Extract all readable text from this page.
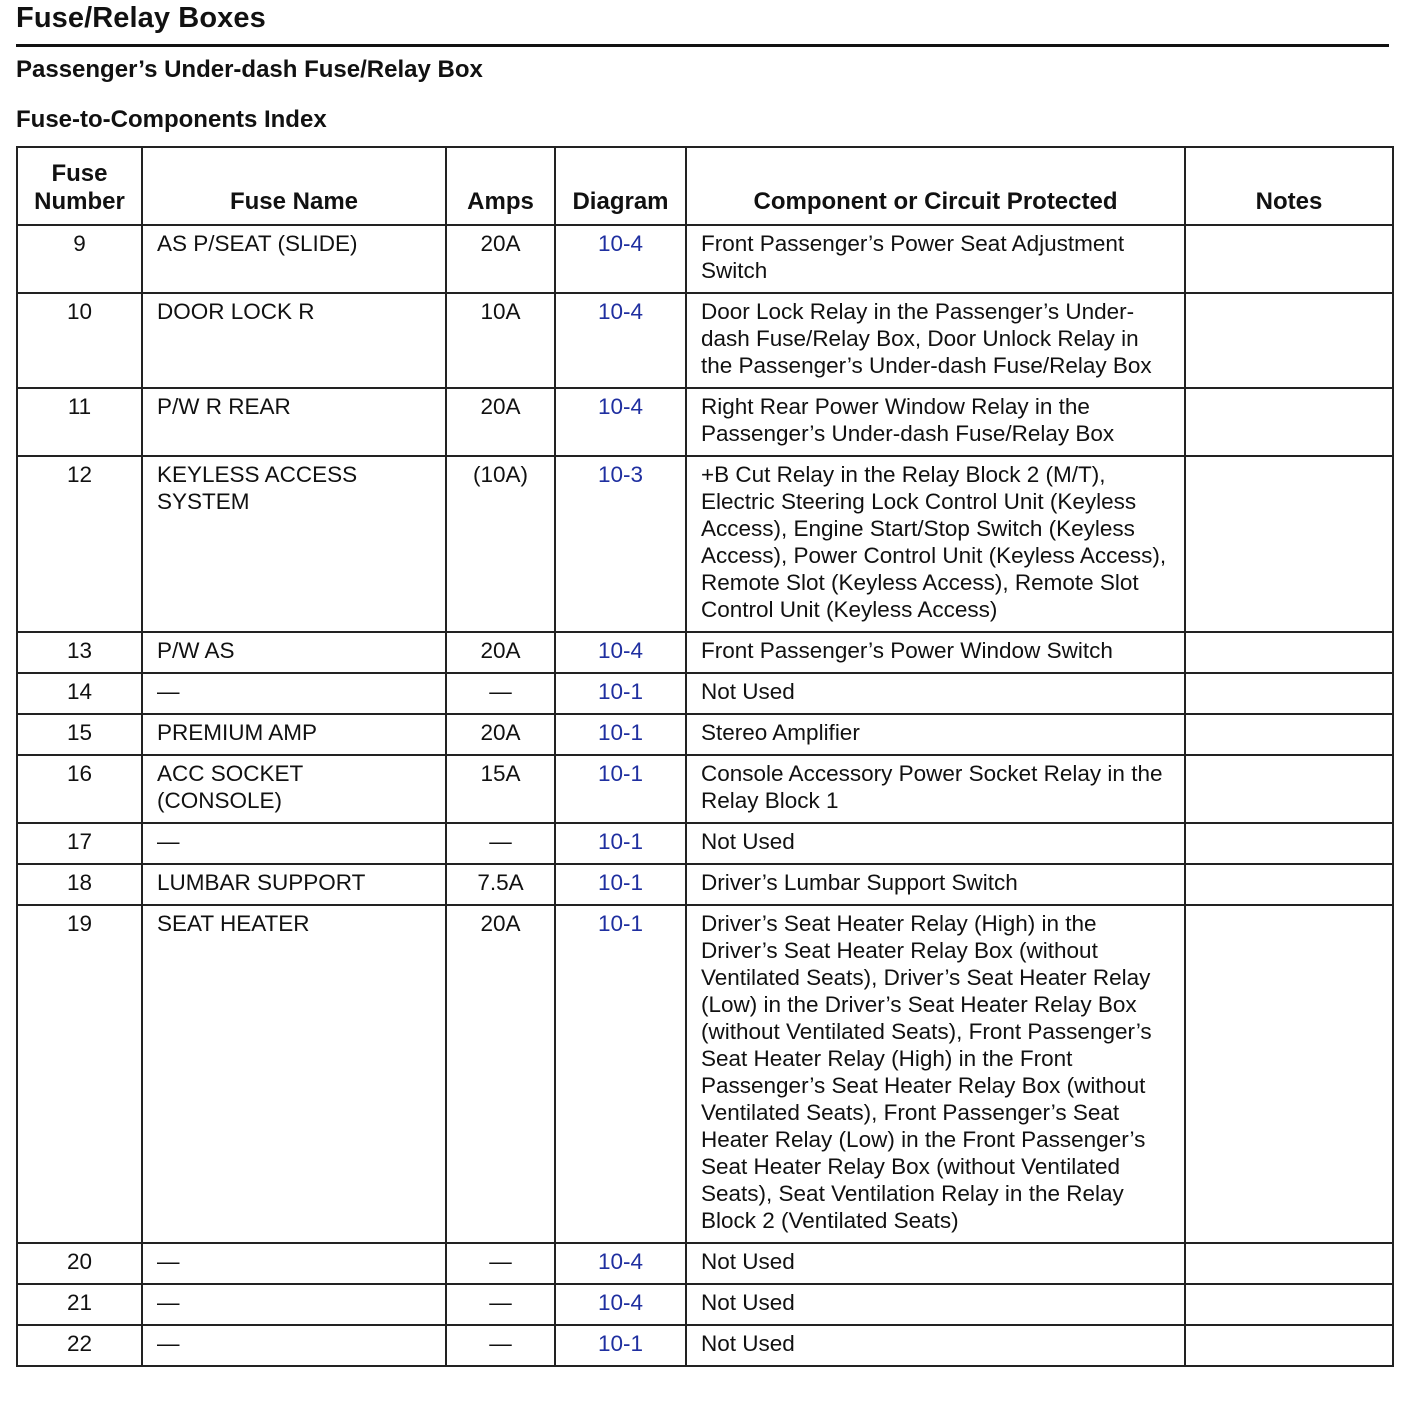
Fuse/Relay Boxes
Passenger’s Under-dash Fuse/Relay Box
Fuse-to-Components Index
Fuse Number	Fuse Name	Amps	Diagram	Component or Circuit Protected	Notes
9	AS P/SEAT (SLIDE)	20A	10-4	Front Passenger’s Power Seat Adjustment Switch	
10	DOOR LOCK R	10A	10-4	Door Lock Relay in the Passenger’s Under-dash Fuse/Relay Box, Door Unlock Relay in the Passenger’s Under-dash Fuse/Relay Box	
11	P/W R REAR	20A	10-4	Right Rear Power Window Relay in the Passenger’s Under-dash Fuse/Relay Box	
12	KEYLESS ACCESS SYSTEM	(10A)	10-3	+B Cut Relay in the Relay Block 2 (M/T), Electric Steering Lock Control Unit (Keyless Access), Engine Start/Stop Switch (Keyless Access), Power Control Unit (Keyless Access), Remote Slot (Keyless Access), Remote Slot Control Unit (Keyless Access)	
13	P/W AS	20A	10-4	Front Passenger’s Power Window Switch	
14	—	—	10-1	Not Used	
15	PREMIUM AMP	20A	10-1	Stereo Amplifier	
16	ACC SOCKET (CONSOLE)	15A	10-1	Console Accessory Power Socket Relay in the Relay Block 1	
17	—	—	10-1	Not Used	
18	LUMBAR SUPPORT	7.5A	10-1	Driver’s Lumbar Support Switch	
19	SEAT HEATER	20A	10-1	Driver’s Seat Heater Relay (High) in the Driver’s Seat Heater Relay Box (without Ventilated Seats), Driver’s Seat Heater Relay (Low) in the Driver’s Seat Heater Relay Box (without Ventilated Seats), Front Passenger’s Seat Heater Relay (High) in the Front Passenger’s Seat Heater Relay Box (without Ventilated Seats), Front Passenger’s Seat Heater Relay (Low) in the Front Passenger’s Seat Heater Relay Box (without Ventilated Seats), Seat Ventilation Relay in the Relay Block 2 (Ventilated Seats)	
20	—	—	10-4	Not Used	
21	—	—	10-4	Not Used	
22	—	—	10-1	Not Used	
